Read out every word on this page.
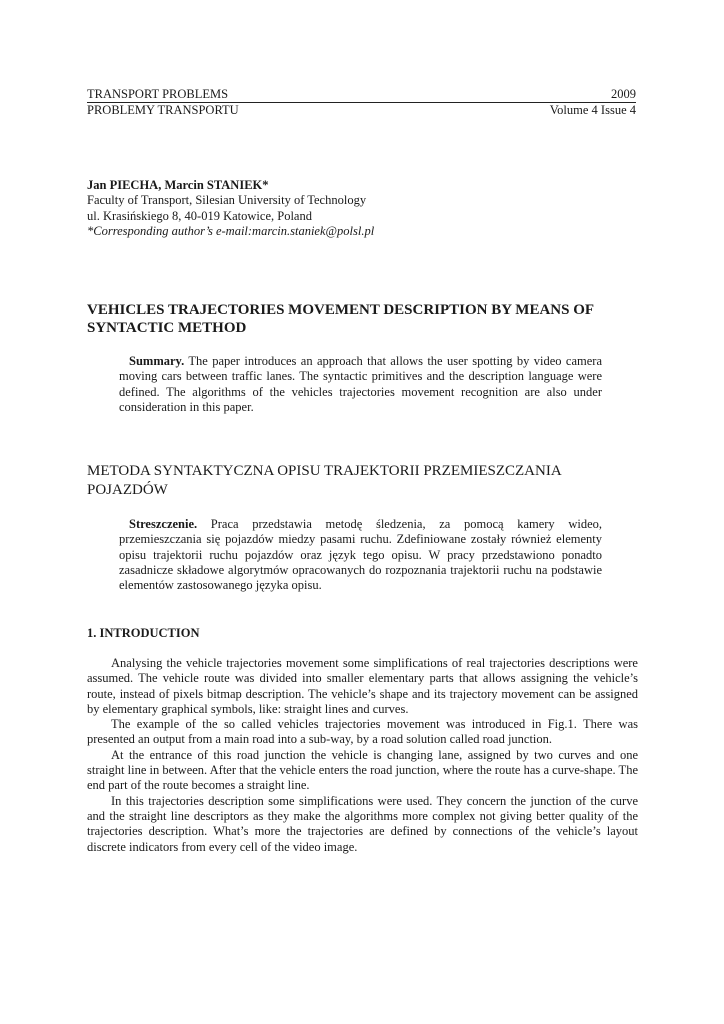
TRANSPORT PROBLEMS	2009
PROBLEMY TRANSPORTU	Volume 4 Issue 4
Jan PIECHA, Marcin STANIEK*
Faculty of Transport, Silesian University of Technology
ul. Krasińskiego 8, 40-019 Katowice, Poland
*Corresponding author’s e-mail:marcin.staniek@polsl.pl
VEHICLES TRAJECTORIES MOVEMENT DESCRIPTION BY MEANS OF SYNTACTIC METHOD
Summary. The paper introduces an approach that allows the user spotting by video camera moving cars between traffic lanes. The syntactic primitives and the description language were defined. The algorithms of the vehicles trajectories movement recognition are also under consideration in this paper.
METODA SYNTAKTYCZNA OPISU TRAJEKTORII PRZEMIESZCZANIA POJAZDÓW
Streszczenie. Praca przedstawia metodę śledzenia, za pomocą kamery wideo, przemieszczania się pojazdów miedzy pasami ruchu. Zdefiniowane zostały również elementy opisu trajektorii ruchu pojazdów oraz język tego opisu. W pracy przedstawiono ponadto zasadnicze składowe algorytmów opracowanych do rozpoznania trajektorii ruchu na podstawie elementów zastosowanego języka opisu.
1. INTRODUCTION

Analysing the vehicle trajectories movement some simplifications of real trajectories descriptions were assumed. The vehicle route was divided into smaller elementary parts that allows assigning the vehicle’s route, instead of pixels bitmap description. The vehicle’s shape and its trajectory movement can be assigned by elementary graphical symbols, like: straight lines and curves.

The example of the so called vehicles trajectories movement was introduced in Fig.1. There was presented an output from a main road into a sub-way, by a road solution called road junction.

At the entrance of this road junction the vehicle is changing lane, assigned by two curves and one straight line in between. After that the vehicle enters the road junction, where the route has a curve-shape. The end part of the route becomes a straight line.

In this trajectories description some simplifications were used. They concern the junction of the curve and the straight line descriptors as they make the algorithms more complex not giving better quality of the trajectories description. What’s more the trajectories are defined by connections of the vehicle’s layout discrete indicators from every cell of the video image.
